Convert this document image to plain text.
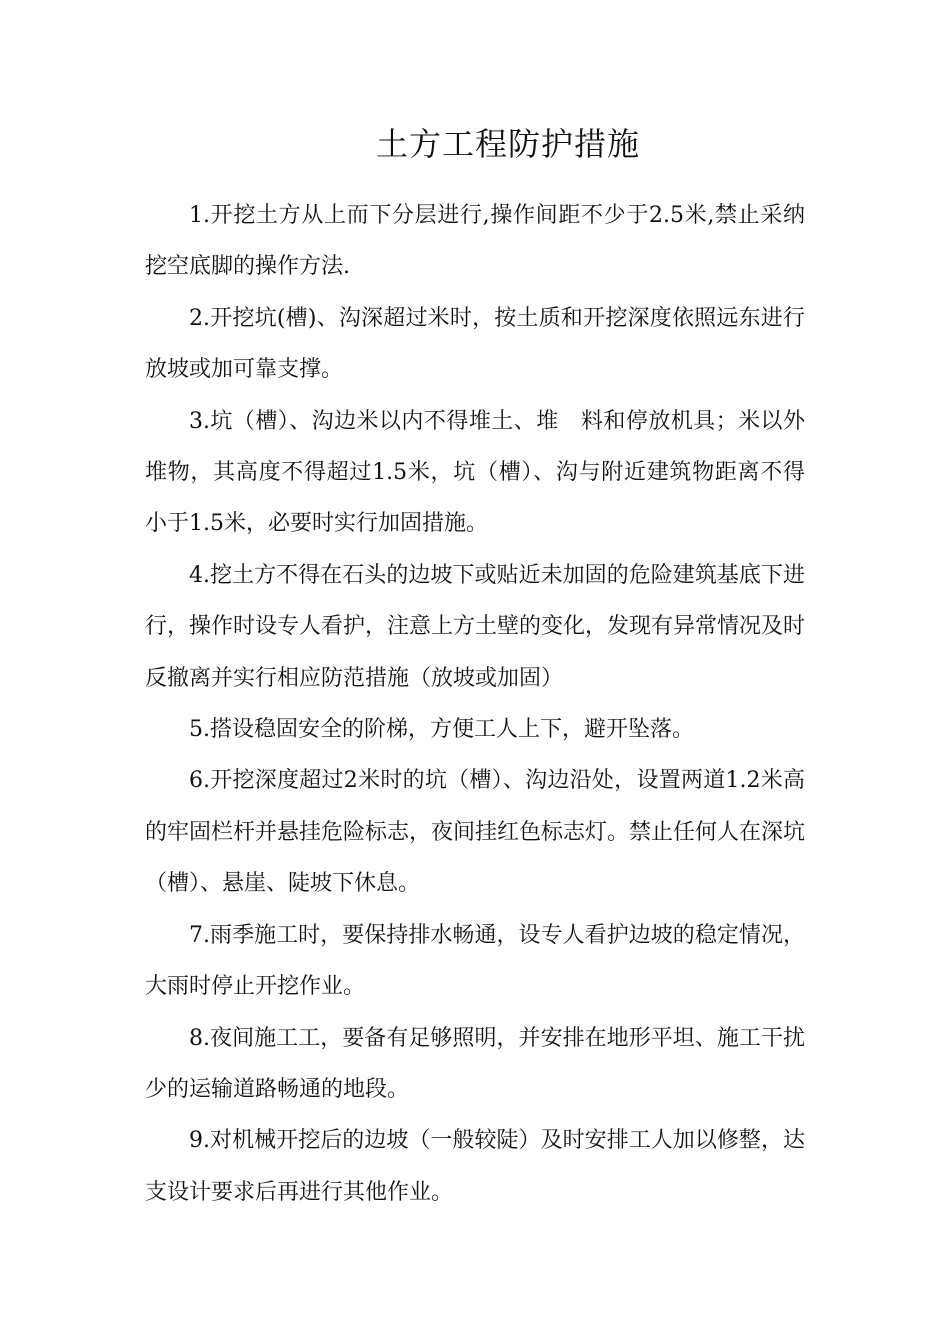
土方工程防护措施

1.开挖土方从上而下分层进行,操作间距不少于2.5米,禁止采纳挖空底脚的操作方法.

2.开挖坑(槽)、沟深超过米时，按土质和开挖深度依照远东进行放坡或加可靠支撑。

3.坑（槽）、沟边米以内不得堆土、堆　料和停放机具；米以外堆物，其高度不得超过1.5米，坑（槽）、沟与附近建筑物距离不得小于1.5米，必要时实行加固措施。

4.挖土方不得在石头的边坡下或贴近未加固的危险建筑基底下进行，操作时设专人看护，注意上方土壁的变化，发现有异常情况及时反撤离并实行相应防范措施（放坡或加固）

5.搭设稳固安全的阶梯，方便工人上下，避开坠落。

6.开挖深度超过2米时的坑（槽）、沟边沿处，设置两道1.2米高的牢固栏杆并悬挂危险标志，夜间挂红色标志灯。禁止任何人在深坑（槽）、悬崖、陡坡下休息。

7.雨季施工时，要保持排水畅通，设专人看护边坡的稳定情况，大雨时停止开挖作业。

8.夜间施工工，要备有足够照明，并安排在地形平坦、施工干扰少的运输道路畅通的地段。

9.对机械开挖后的边坡（一般较陡）及时安排工人加以修整，达支设计要求后再进行其他作业。
